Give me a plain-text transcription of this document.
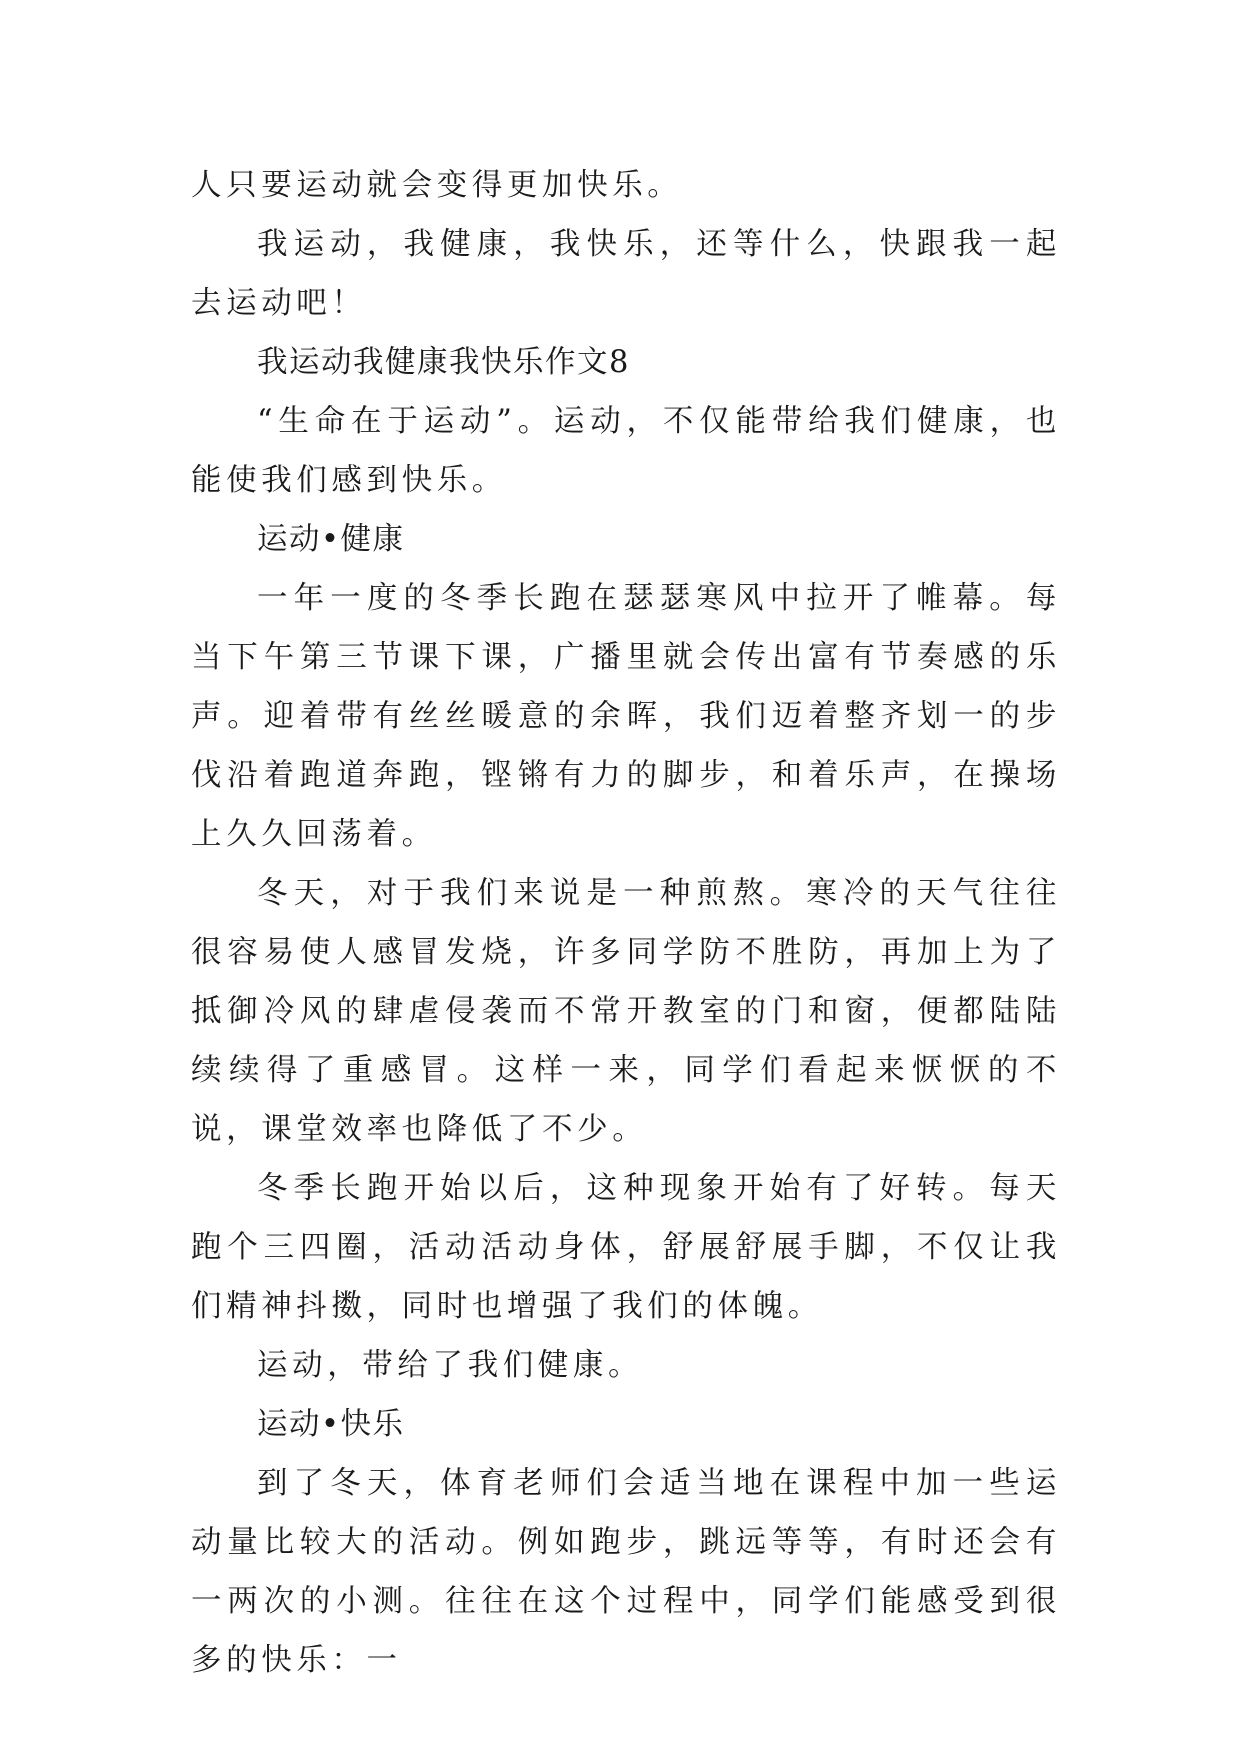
人只要运动就会变得更加快乐。

我运动，我健康，我快乐，还等什么，快跟我一起去运动吧！

我运动我健康我快乐作文8

“生命在于运动”。运动，不仅能带给我们健康，也能使我们感到快乐。

运动•健康

一年一度的冬季长跑在瑟瑟寒风中拉开了帷幕。每当下午第三节课下课，广播里就会传出富有节奏感的乐声。迎着带有丝丝暖意的余晖，我们迈着整齐划一的步伐沿着跑道奔跑，铿锵有力的脚步，和着乐声，在操场上久久回荡着。

冬天，对于我们来说是一种煎熬。寒冷的天气往往很容易使人感冒发烧，许多同学防不胜防，再加上为了抵御冷风的肆虐侵袭而不常开教室的门和窗，便都陆陆续续得了重感冒。这样一来，同学们看起来恹恹的不说，课堂效率也降低了不少。

冬季长跑开始以后，这种现象开始有了好转。每天跑个三四圈，活动活动身体，舒展舒展手脚，不仅让我们精神抖擞，同时也增强了我们的体魄。

运动，带给了我们健康。

运动•快乐

到了冬天，体育老师们会适当地在课程中加一些运动量比较大的活动。例如跑步，跳远等等，有时还会有一两次的小测。往往在这个过程中，同学们能感受到很多的快乐：一
